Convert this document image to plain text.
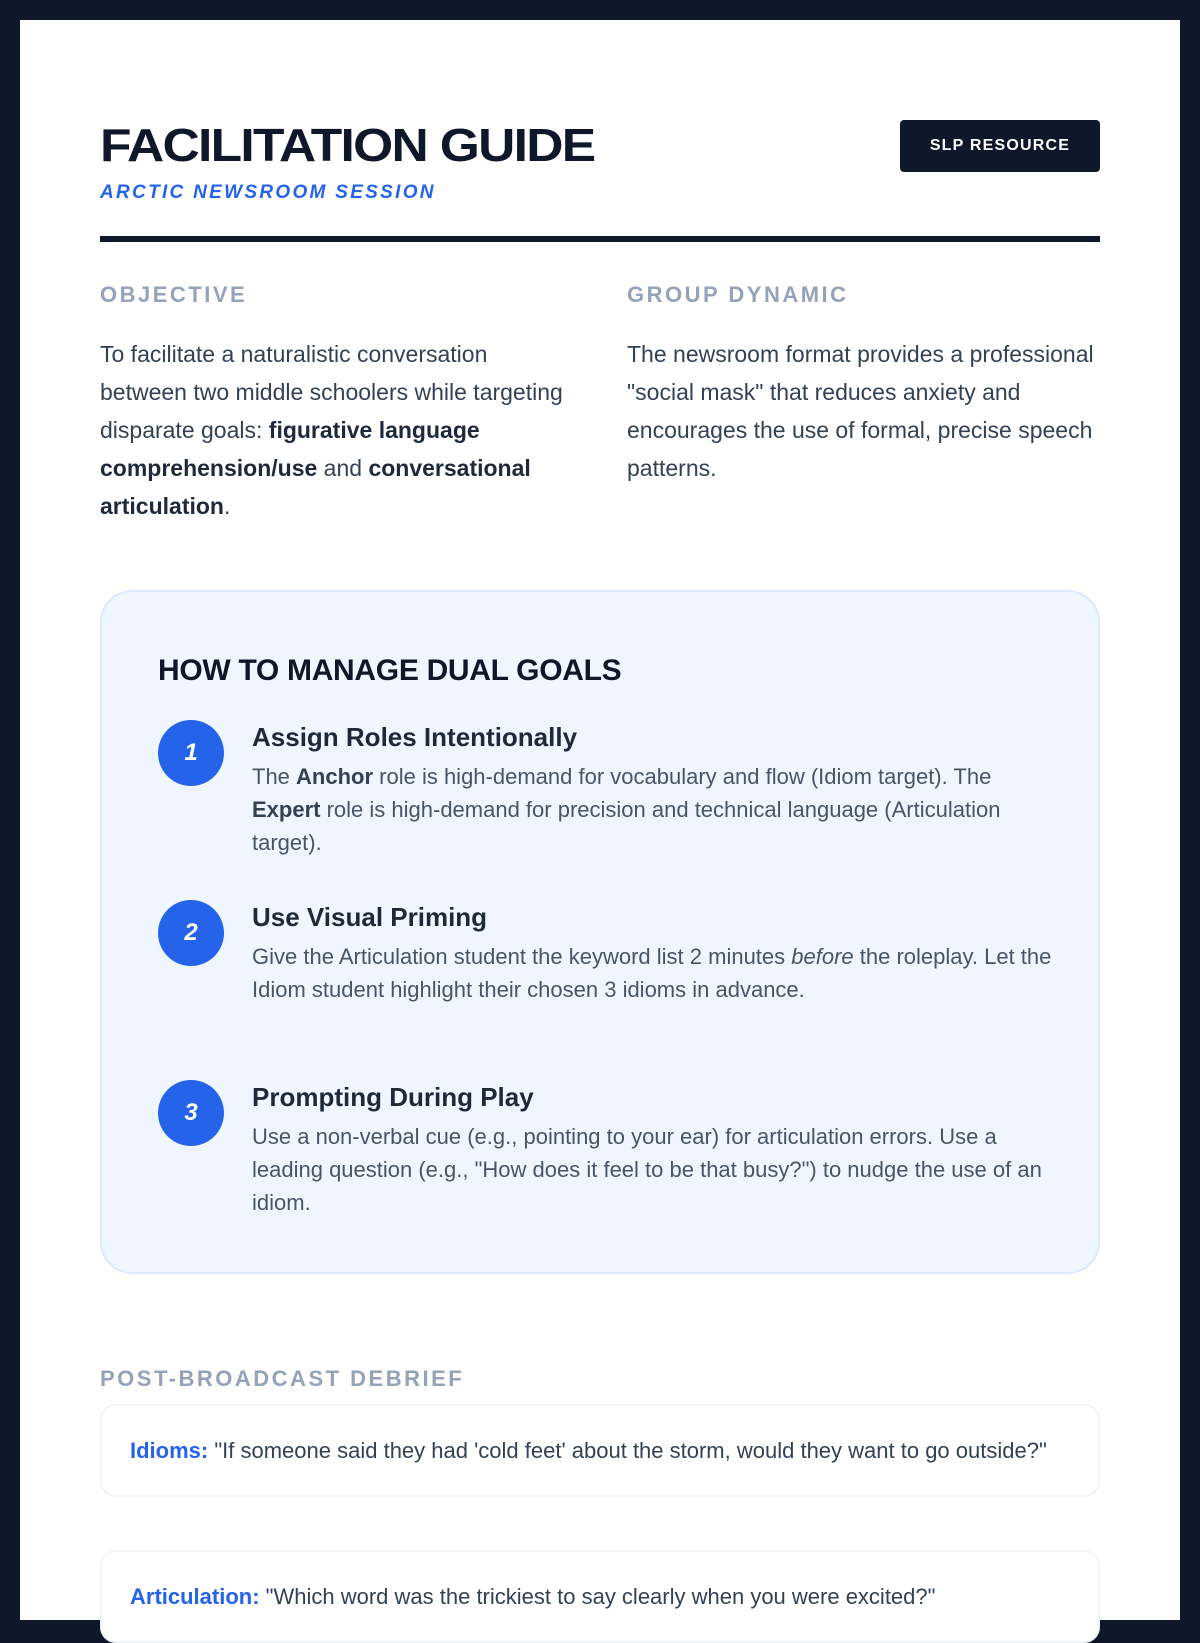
FACILITATION GUIDE
ARCTIC NEWSROOM SESSION
SLP RESOURCE
OBJECTIVE
To facilitate a naturalistic conversation between two middle schoolers while targeting disparate goals: figurative language comprehension/use and conversational articulation.
GROUP DYNAMIC
The newsroom format provides a professional "social mask" that reduces anxiety and encourages the use of formal, precise speech patterns.
HOW TO MANAGE DUAL GOALS
1
Assign Roles Intentionally
The Anchor role is high-demand for vocabulary and flow (Idiom target). The Expert role is high-demand for precision and technical language (Articulation target).
2
Use Visual Priming
Give the Articulation student the keyword list 2 minutes before the roleplay. Let the Idiom student highlight their chosen 3 idioms in advance.
3
Prompting During Play
Use a non-verbal cue (e.g., pointing to your ear) for articulation errors. Use a leading question (e.g., "How does it feel to be that busy?") to nudge the use of an idiom.
POST-BROADCAST DEBRIEF
Idioms: "If someone said they had 'cold feet' about the storm, would they want to go outside?"
Articulation: "Which word was the trickiest to say clearly when you were excited?"
